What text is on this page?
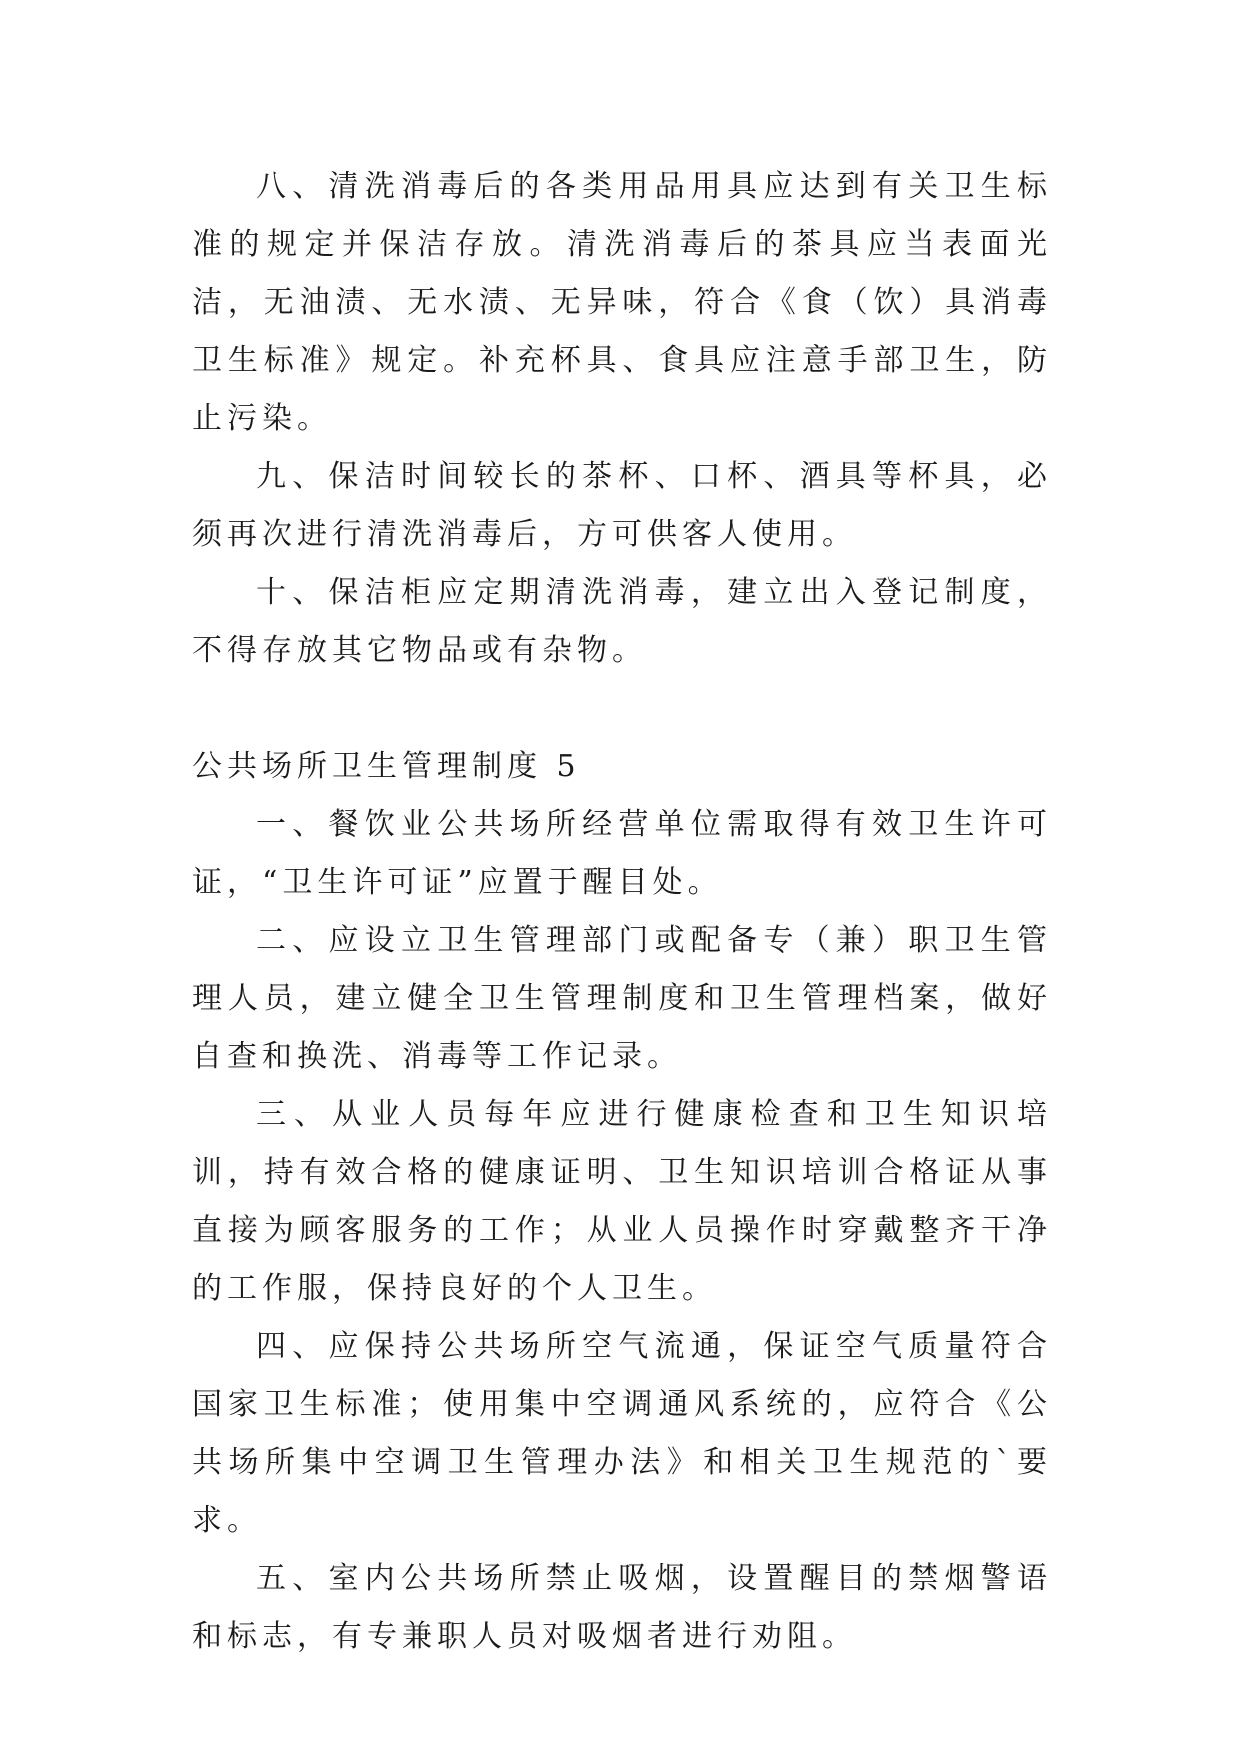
八、清洗消毒后的各类用品用具应达到有关卫生标准的规定并保洁存放。清洗消毒后的茶具应当表面光洁，无油渍、无水渍、无异味，符合《食（饮）具消毒卫生标准》规定。补充杯具、食具应注意手部卫生，防止污染。

九、保洁时间较长的茶杯、口杯、酒具等杯具，必须再次进行清洗消毒后，方可供客人使用。

十、保洁柜应定期清洗消毒，建立出入登记制度，不得存放其它物品或有杂物。

公共场所卫生管理制度 5

一、餐饮业公共场所经营单位需取得有效卫生许可证，“卫生许可证”应置于醒目处。

二、应设立卫生管理部门或配备专（兼）职卫生管理人员，建立健全卫生管理制度和卫生管理档案，做好自查和换洗、消毒等工作记录。

三、从业人员每年应进行健康检查和卫生知识培训，持有效合格的健康证明、卫生知识培训合格证从事直接为顾客服务的工作；从业人员操作时穿戴整齐干净的工作服，保持良好的个人卫生。

四、应保持公共场所空气流通，保证空气质量符合国家卫生标准；使用集中空调通风系统的，应符合《公共场所集中空调卫生管理办法》和相关卫生规范的`要求。

五、室内公共场所禁止吸烟，设置醒目的禁烟警语和标志，有专兼职人员对吸烟者进行劝阻。
